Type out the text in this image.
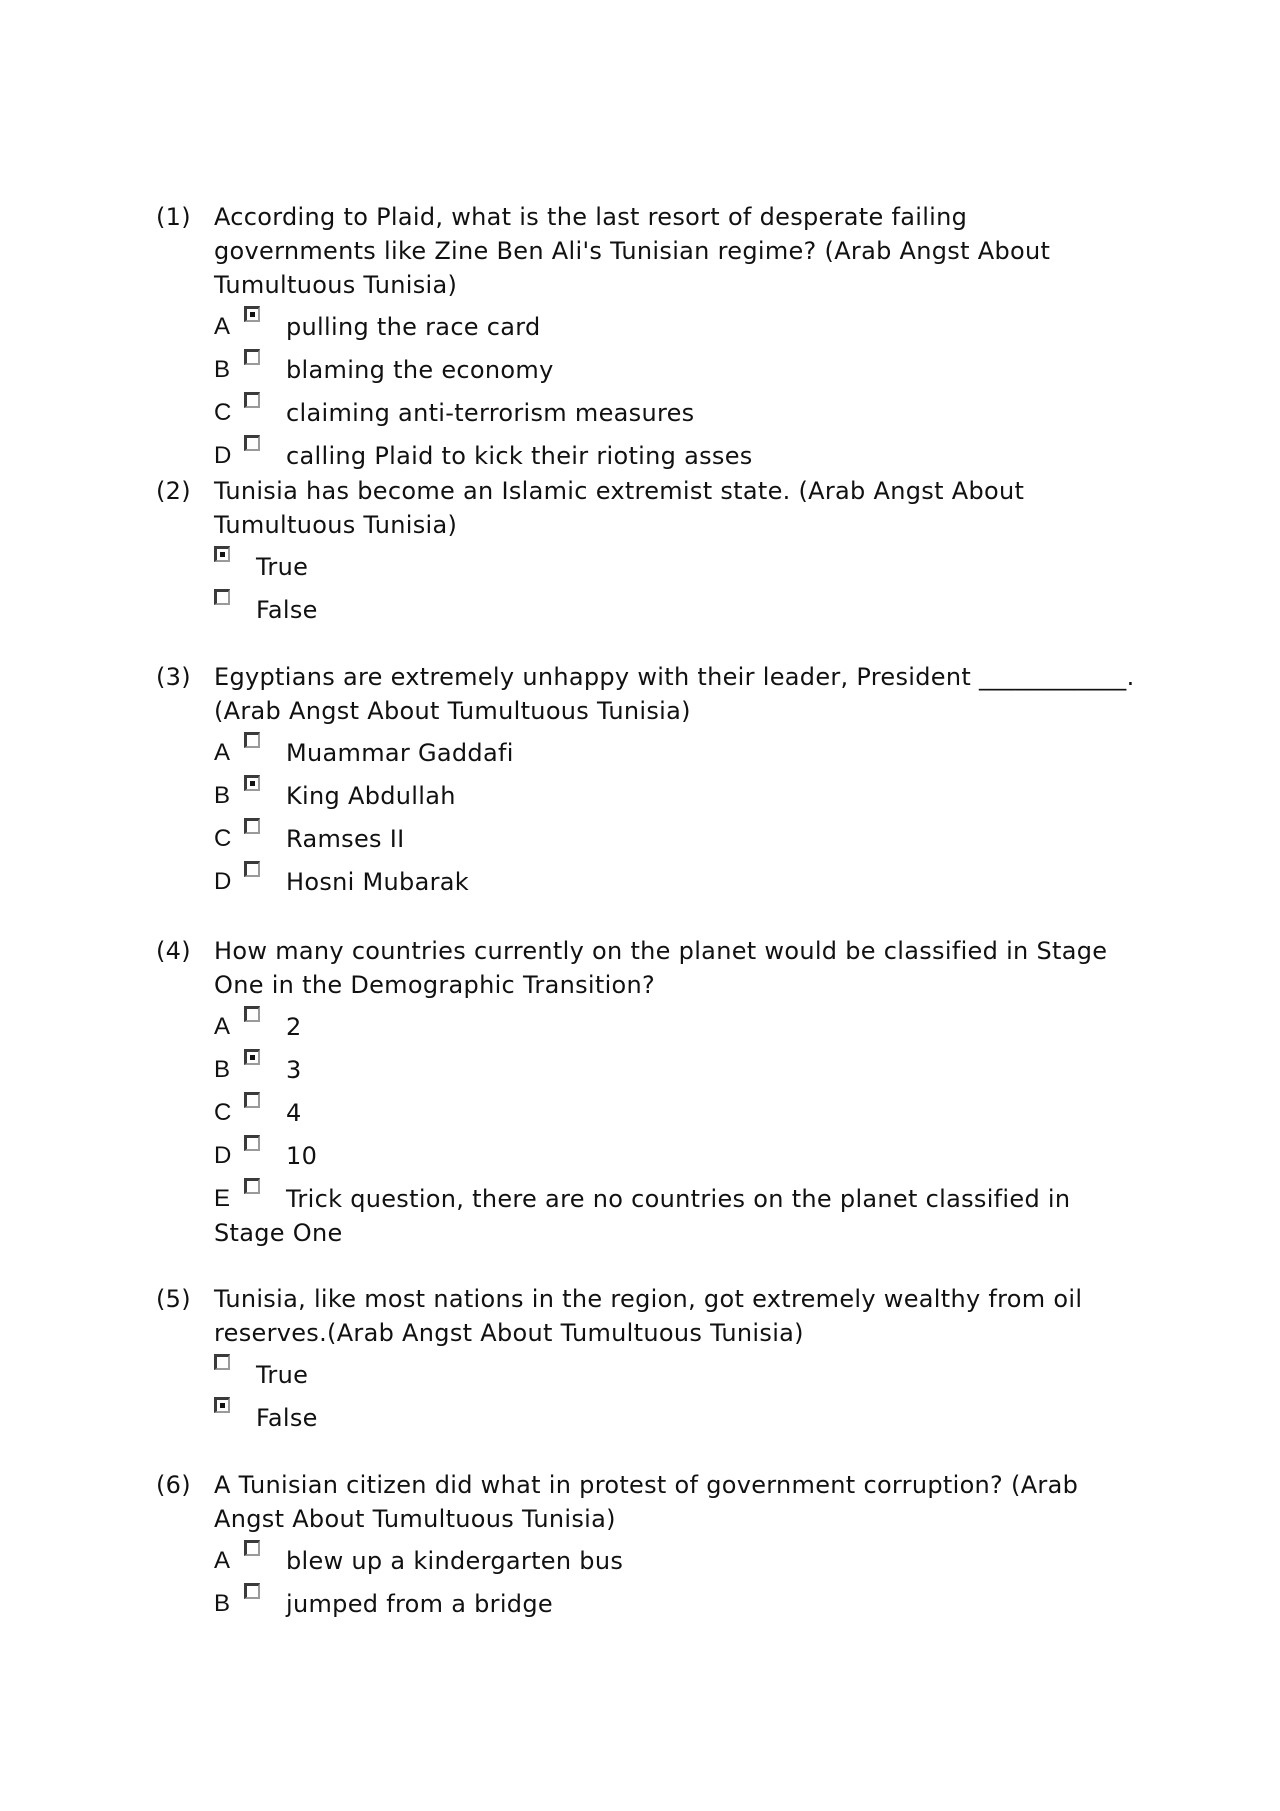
(1) According to Plaid, what is the last resort of desperate failing governments like Zine Ben Ali's Tunisian regime? (Arab Angst About Tumultuous Tunisia)
A	pulling the race card
B	blaming the economy
C	claiming anti-terrorism measures
D	calling Plaid to kick their rioting asses
(2) Tunisia has become an Islamic extremist state. (Arab Angst About Tumultuous Tunisia)
True
False
(3) Egyptians are extremely unhappy with their leader, President ____________. (Arab Angst About Tumultuous Tunisia)
A	Muammar Gaddafi
B	King Abdullah
C	Ramses II
D	Hosni Mubarak
(4) How many countries currently on the planet would be classified in Stage One in the Demographic Transition?
A	2
B	3
C	4
D	10
E	Trick question, there are no countries on the planet classified in
Stage One
(5) Tunisia, like most nations in the region, got extremely wealthy from oil reserves.(Arab Angst About Tumultuous Tunisia)
True
False
(6) A Tunisian citizen did what in protest of government corruption? (Arab Angst About Tumultuous Tunisia)
A	blew up a kindergarten bus
B	jumped from a bridge
